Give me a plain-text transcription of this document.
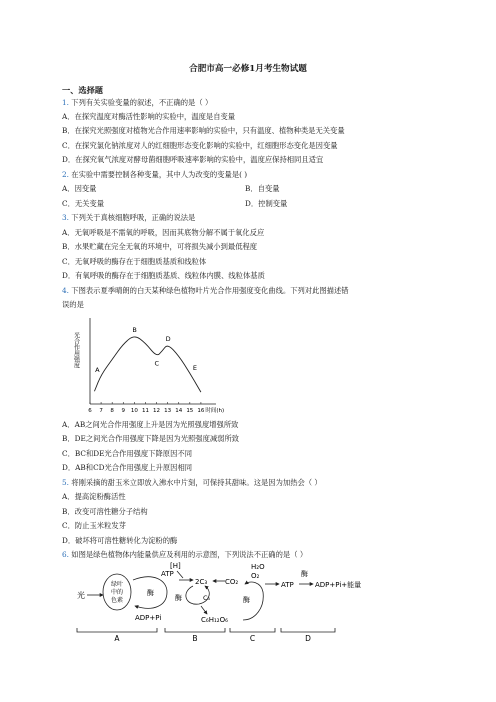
合肥市高一必修1月考生物试题
一、选择题
1. 下列有关实验变量的叙述，不正确的是（ ）
A．在探究温度对酶活性影响的实验中，温度是自变量
B．在探究光照强度对植物光合作用速率影响的实验中，只有温度、植物种类是无关变量
C．在探究氯化钠浓度对人的红细胞形态变化影响的实验中，红细胞形态变化是因变量
D．在探究氧气浓度对酵母菌细胞呼吸速率影响的实验中，温度应保持相同且适宜
2. 在实验中需要控制各种变量，其中人为改变的变量是( )
A．因变量	B．自变量
C．无关变量	D．控制变量
3. 下列关于真核细胞呼吸，正确的说法是
A．无氧呼吸是不需氧的呼吸，因而其底物分解不属于氧化反应
B．水果贮藏在完全无氧的环境中，可将损失减小到最低程度
C．无氧呼吸的酶存在于细胞质基质和线粒体
D．有氧呼吸的酶存在于细胞质基质、线粒体内膜、线粒体基质
4. 下图表示夏季晴朗的白天某种绿色植物叶片光合作用强度变化曲线。下列对此图描述错
误的是
光合作用强度
6 7 8 9 10 11 12 13 14 15 16 时间(h)
A
B
C
D
E
A．AB之间光合作用强度上升是因为光照强度增强所致
B．DE之间光合作用强度下降是因为光照强度减弱所致
C．BC和DE光合作用强度下降原因不同
D．AB和CD光合作用强度上升原因相同
5. 将刚采摘的甜玉米立即放入沸水中片刻，可保持其甜味。这是因为加热会（ ）
A．提高淀粉酶活性
B．改变可溶性糖分子结构
C．防止玉米粒发芽
D．破坏将可溶性糖转化为淀粉的酶
6. 如图是绿色植物体内能量供应及利用的示意图，下列说法不正确的是（ ）
光
绿叶
中的
色素
ATP
酶
ADP+Pi
[H]
2C₃	CO₂
酶	C₅
C₆H₁₂O₆
H₂O
O₂
酶
ATP
酶
ADP+Pi+能量
A	B	C	D
